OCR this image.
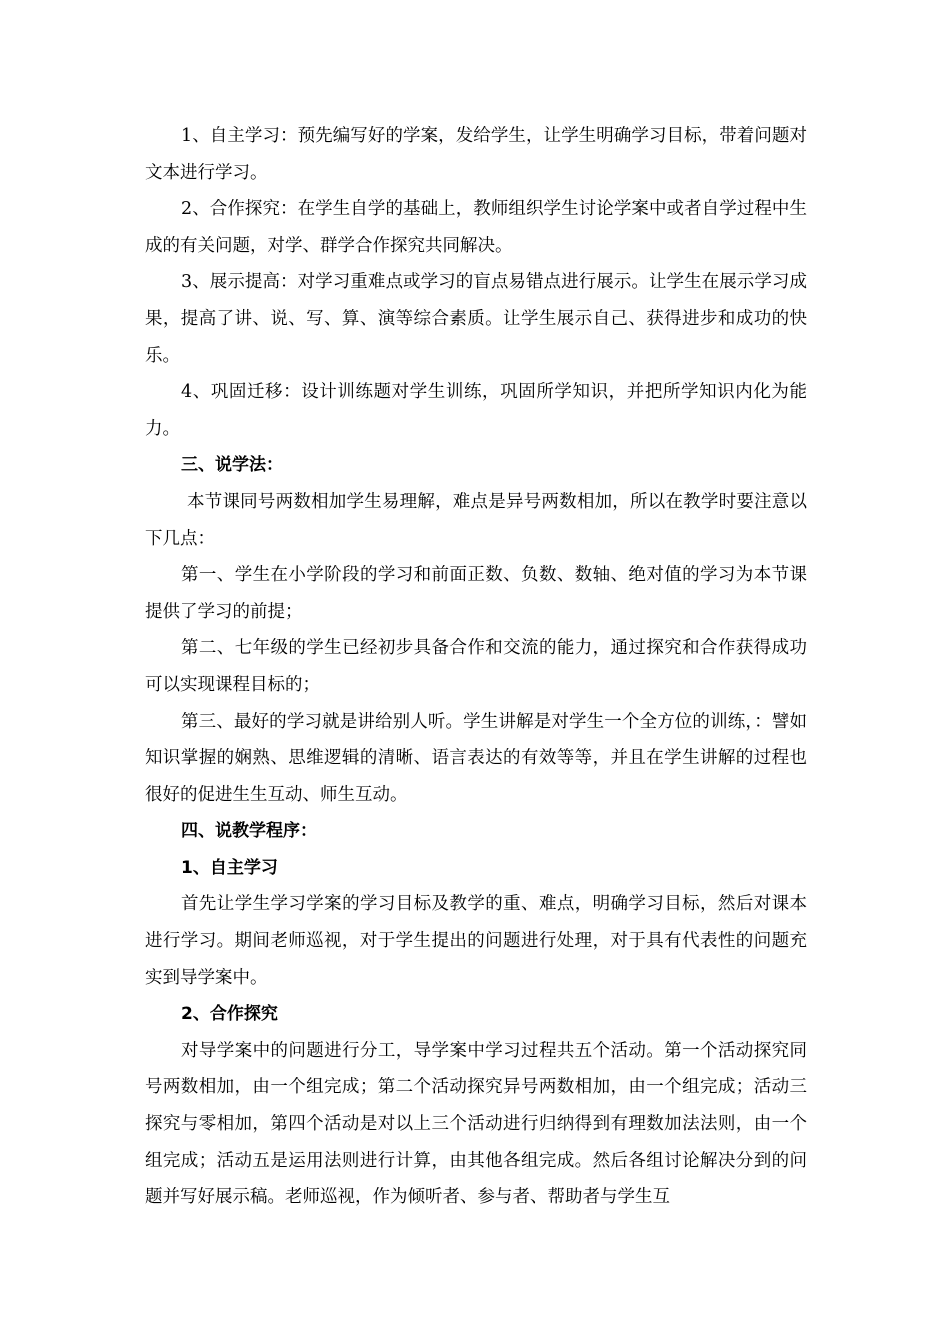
1、自主学习：预先编写好的学案，发给学生，让学生明确学习目标，带着问题对文本进行学习。

2、合作探究：在学生自学的基础上，教师组织学生讨论学案中或者自学过程中生成的有关问题，对学、群学合作探究共同解决。

3、展示提高：对学习重难点或学习的盲点易错点进行展示。让学生在展示学习成果，提高了讲、说、写、算、演等综合素质。让学生展示自己、获得进步和成功的快乐。

4、巩固迁移：设计训练题对学生训练，巩固所学知识，并把所学知识内化为能力。

三、说学法：

本节课同号两数相加学生易理解，难点是异号两数相加，所以在教学时要注意以下几点：

第一、学生在小学阶段的学习和前面正数、负数、数轴、绝对值的学习为本节课提供了学习的前提；

第二、七年级的学生已经初步具备合作和交流的能力，通过探究和合作获得成功可以实现课程目标的；

第三、最好的学习就是讲给别人听。学生讲解是对学生一个全方位的训练，：譬如知识掌握的娴熟、思维逻辑的清晰、语言表达的有效等等，并且在学生讲解的过程也很好的促进生生互动、师生互动。

四、说教学程序：

1、自主学习

首先让学生学习学案的学习目标及教学的重、难点，明确学习目标，然后对课本进行学习。期间老师巡视，对于学生提出的问题进行处理，对于具有代表性的问题充实到导学案中。

2、合作探究

对导学案中的问题进行分工，导学案中学习过程共五个活动。第一个活动探究同号两数相加，由一个组完成；第二个活动探究异号两数相加，由一个组完成；活动三探究与零相加，第四个活动是对以上三个活动进行归纳得到有理数加法法则，由一个组完成；活动五是运用法则进行计算，由其他各组完成。然后各组讨论解决分到的问题并写好展示稿。老师巡视，作为倾听者、参与者、帮助者与学生互
